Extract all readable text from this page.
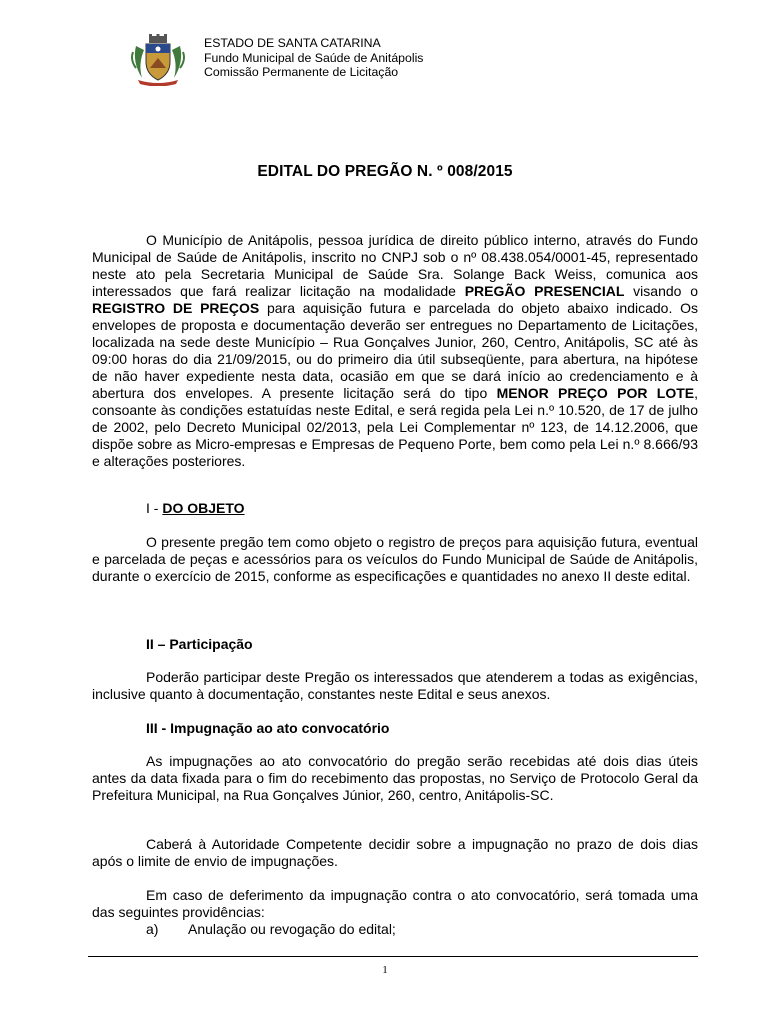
ESTADO DE SANTA CATARINA
Fundo Municipal de Saúde de Anitápolis
Comissão Permanente de Licitação
EDITAL DO PREGÃO N. º 008/2015

O Município de Anitápolis, pessoa jurídica de direito público interno, através do Fundo Municipal de Saúde de Anitápolis, inscrito no CNPJ sob o nº 08.438.054/0001-45, representado neste ato pela Secretaria Municipal de Saúde Sra. Solange Back Weiss, comunica aos interessados que fará realizar licitação na modalidade PREGÃO PRESENCIAL visando o REGISTRO DE PREÇOS para aquisição futura e parcelada do objeto abaixo indicado. Os envelopes de proposta e documentação deverão ser entregues no Departamento de Licitações, localizada na sede deste Município – Rua Gonçalves Junior, 260, Centro, Anitápolis, SC até às 09:00 horas do dia 21/09/2015, ou do primeiro dia útil subseqüente, para abertura, na hipótese de não haver expediente nesta data, ocasião em que se dará início ao credenciamento e à abertura dos envelopes. A presente licitação será do tipo MENOR PREÇO POR LOTE, consoante às condições estatuídas neste Edital, e será regida pela Lei n.º 10.520, de 17 de julho de 2002, pelo Decreto Municipal 02/2013, pela Lei Complementar nº 123, de 14.12.2006, que dispõe sobre as Micro-empresas e Empresas de Pequeno Porte, bem como pela Lei n.º 8.666/93 e alterações posteriores.

I - DO OBJETO

O presente pregão tem como objeto o registro de preços para aquisição futura, eventual e parcelada de peças e acessórios para os veículos do Fundo Municipal de Saúde de Anitápolis, durante o exercício de 2015, conforme as especificações e quantidades no anexo II deste edital.

II – Participação

Poderão participar deste Pregão os interessados que atenderem a todas as exigências, inclusive quanto à documentação, constantes neste Edital e seus anexos.

III - Impugnação ao ato convocatório

As impugnações ao ato convocatório do pregão serão recebidas até dois dias úteis antes da data fixada para o fim do recebimento das propostas, no Serviço de Protocolo Geral da Prefeitura Municipal, na Rua Gonçalves Júnior, 260, centro, Anitápolis-SC.

Caberá à Autoridade Competente decidir sobre a impugnação no prazo de dois dias após o limite de envio de impugnações.

Em caso de deferimento da impugnação contra o ato convocatório, será tomada uma das seguintes providências:

a)	Anulação ou revogação do edital;
1
